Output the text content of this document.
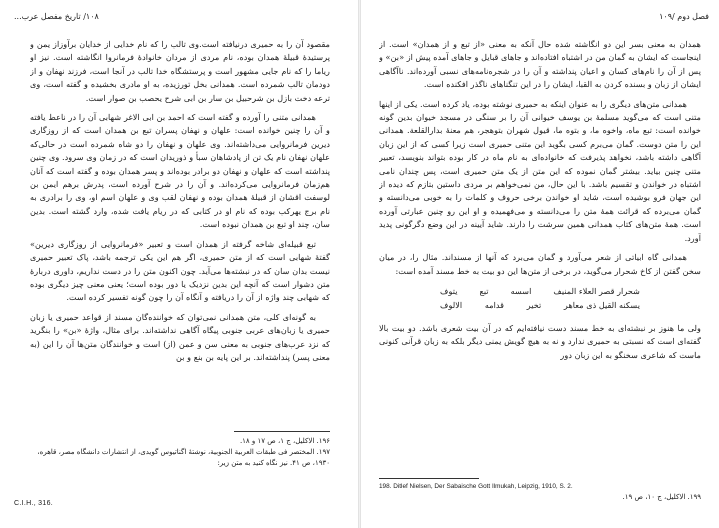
۱۰۸/ تاریخ مفصل عرب...

مقصود آن را به حمیری درنیافته است.وی تالب را که نام خدایی از خدایان برآوزاز یمن و پرستیدهٔ قبیلهٔ همدان بوده، نام مردی از مردان خانوادهٔ فرمانروا انگاشته است. نیز او ریاما را که نام جایی مشهور است و پرستشگاه خدا تالب در آنجا است، فرزند نهفان و از دودمان تالب شمرده است. همدانی بخل تورزیده، به او مادری بخشیده و گفته است، وی ترعه دخت بازل بن شرحبیل بن سار بن ابی شرح یحصب بن صوار است.

همدانی متنی را آورده و گفته است که احمد بن ابی الاغر شهابی آن را در ناعط یافته و آن را چنین خوانده است: علهان و نهفان پسران تبع بن همدان است که از روزگاری دیرین فرمانروایی می‌داشته‌اند. وی علهان و نهفان را دو شاه شمرده است در حالی‌که علهان نهفان نام یک تن از پادشاهان سبأ و ذوریدان است که در زمان وی سرود. وی چنین پنداشته است که علهان و نهفان دو برادر بوده‌اند و پسر همدان بوده و گفته است که آنان هم‌زمان فرمانروایی می‌کرده‌اند. و آن را در شرح آورده است، پدرش برهم ایمن بن لوسفت اقشان از قبیلهٔ همدان بوده و نهفان لقب وی و علهان اسم او، وی را برادری به نام برج یهرکب بوده که نام او در کتابی که در ریام یافت شده، وارد گشته است. بدین سان، چند او تبع بن همدان نبوده است.

تبع قبیله‌ای شاخه گرفته از همدان است و تعبیر «فرمانروایی از روزگاری دیرین» گفتهٔ شهابی است که از متن حمیری، اگر هم این یکی ترجمه باشد، پاک تعبیر حمیری نیست بدان سان که در نبشته‌ها می‌آید. چون اکنون متن را در دست نداریم، داوری دربارهٔ متن دشوار است که آنچه این بدین نزدیک یا دور بوده است؛ یعنی معنی چیز دیگری بوده که شهابی چند واژه از آن را دریافته و آنگاه آن را چون گونه تفسیر کرده است.

به گونه‌ای کلی، متن همدانی نمی‌توان که خواننده‌گان مسند از قواعد حمیری یا زبان حمیری یا زبان‌های عربی جنوبی پیگاه آگاهی نداشته‌اند. برای مثال، واژهٔ «بن» را بنگرید که نزد عرب‌های جنوبی به معنی سن و عمن (از) است و خوانندگان متن‌ها آن را این (به معنی پسر) پنداشته‌اند. بر این پایه بن بنع و بن

۱۹۶. الاکلیل، ج ۱، ص ۱۷ و ۱۸.

۱۹۷. المختصر فی طبقات العربیة الجنوبیة، نوشتهٔ اگناتیوس گویدی، از انتشارات دانشگاه مصر، قاهره، ۱۹۳۰، ص ۴۱. نیز نگاه کنید به متن زیر:

C.I.H., 316.
فصل دوم /۱۰۹

همدان به معنی بسر این دو انگاشته شده حال آنکه به معنی «از تبع و از همدان» است. از اینجاست که ایشان به گمان من در اشتباه افتاده‌اند و جاهای قبایل و جاهای آمده پیش از «بن» و پس از آن را نام‌های کسان و اعیان پنداشته و آن را در شجره‌نامه‌های نسبی آورده‌اند. ناآگاهی ایشان از زبان و بسنده کردن به القبا، ایشان را در این تنگناهای ناگذر افکنده است.

همدانی متن‌های دیگری را به عنوان اینکه به حمیری نوشته بوده، یاد کرده است. یکی از اینها متنی است که می‌گوید مسلمهٔ بن یوسف خیوانی آن را بر سنگی در مسجد خیوان بدین گونه خوانده است: تبع ماه، واخوه ما، و بتوه ما، قیول شهران بتوهجر، هم معنهٔ بدارالقلعة. همدانی این را متن دوست. گمان می‌برم کسی بگوید این متنی حمیری است زیرا کسی که از این زبان آگاهی داشته باشد، نخواهد پذیرفت که خانواده‌ای به نام ماه در کار بوده بتواند بنویسد، تعبیر متنی چنین بیاید. بیشتر گمان نموده که این متن از یک متن حمیری است، پس چندان نامی اشتباه در خواندن و تقسیم باشد. با این حال، من نمی‌خواهم بر مردی داستین بتازم که دیده از این جهان فرو بوشیده است، شاید او خواندن برخی حروف و کلمات را به خوبی می‌دانسته و گمان می‌برده که قرائت همهٔ متن را می‌دانسته و می‌فهمیده و او این رو چنین عبارتی آورده است. همهٔ متن‌های کتاب همدانی همین سرشت را دارند. شاید آیینه در این وضع دگرگونی پدید آورد.

همدانی گاه ابیاتی از شعر می‌آورد و گمان می‌برد که آنها از مسند‌اند. مثال را، در میان سخن گفتن از کاخ شحرار می‌گوید، در برخی از متن‌ها این دو بیت به خط مسند آمده است:

شحرار قصر العلاء المنیف
اسسه
تبع
یتوف
یسکنه القیل ذی معاهر
تخیر
قدامه
الالوف

ولی ما هنوز بر نبشته‌ای به خط مسند دست نیافته‌ایم که در آن بیت شعری باشد. دو بیت بالا گفته‌ای است که نسبتی به حمیری ندارد و نه به هیچ گویش یمنی دیگر بلکه به زبان قرآنی کنونی ماست که شاعری سخنگو به این زبان دور

198. Ditlef Nielsen, Der Sabaische Gott Ilmukah, Leipzig, 1910, S. 2.

۱۹۹. الاکلیل، ج ۱۰، ص ۱۹.
